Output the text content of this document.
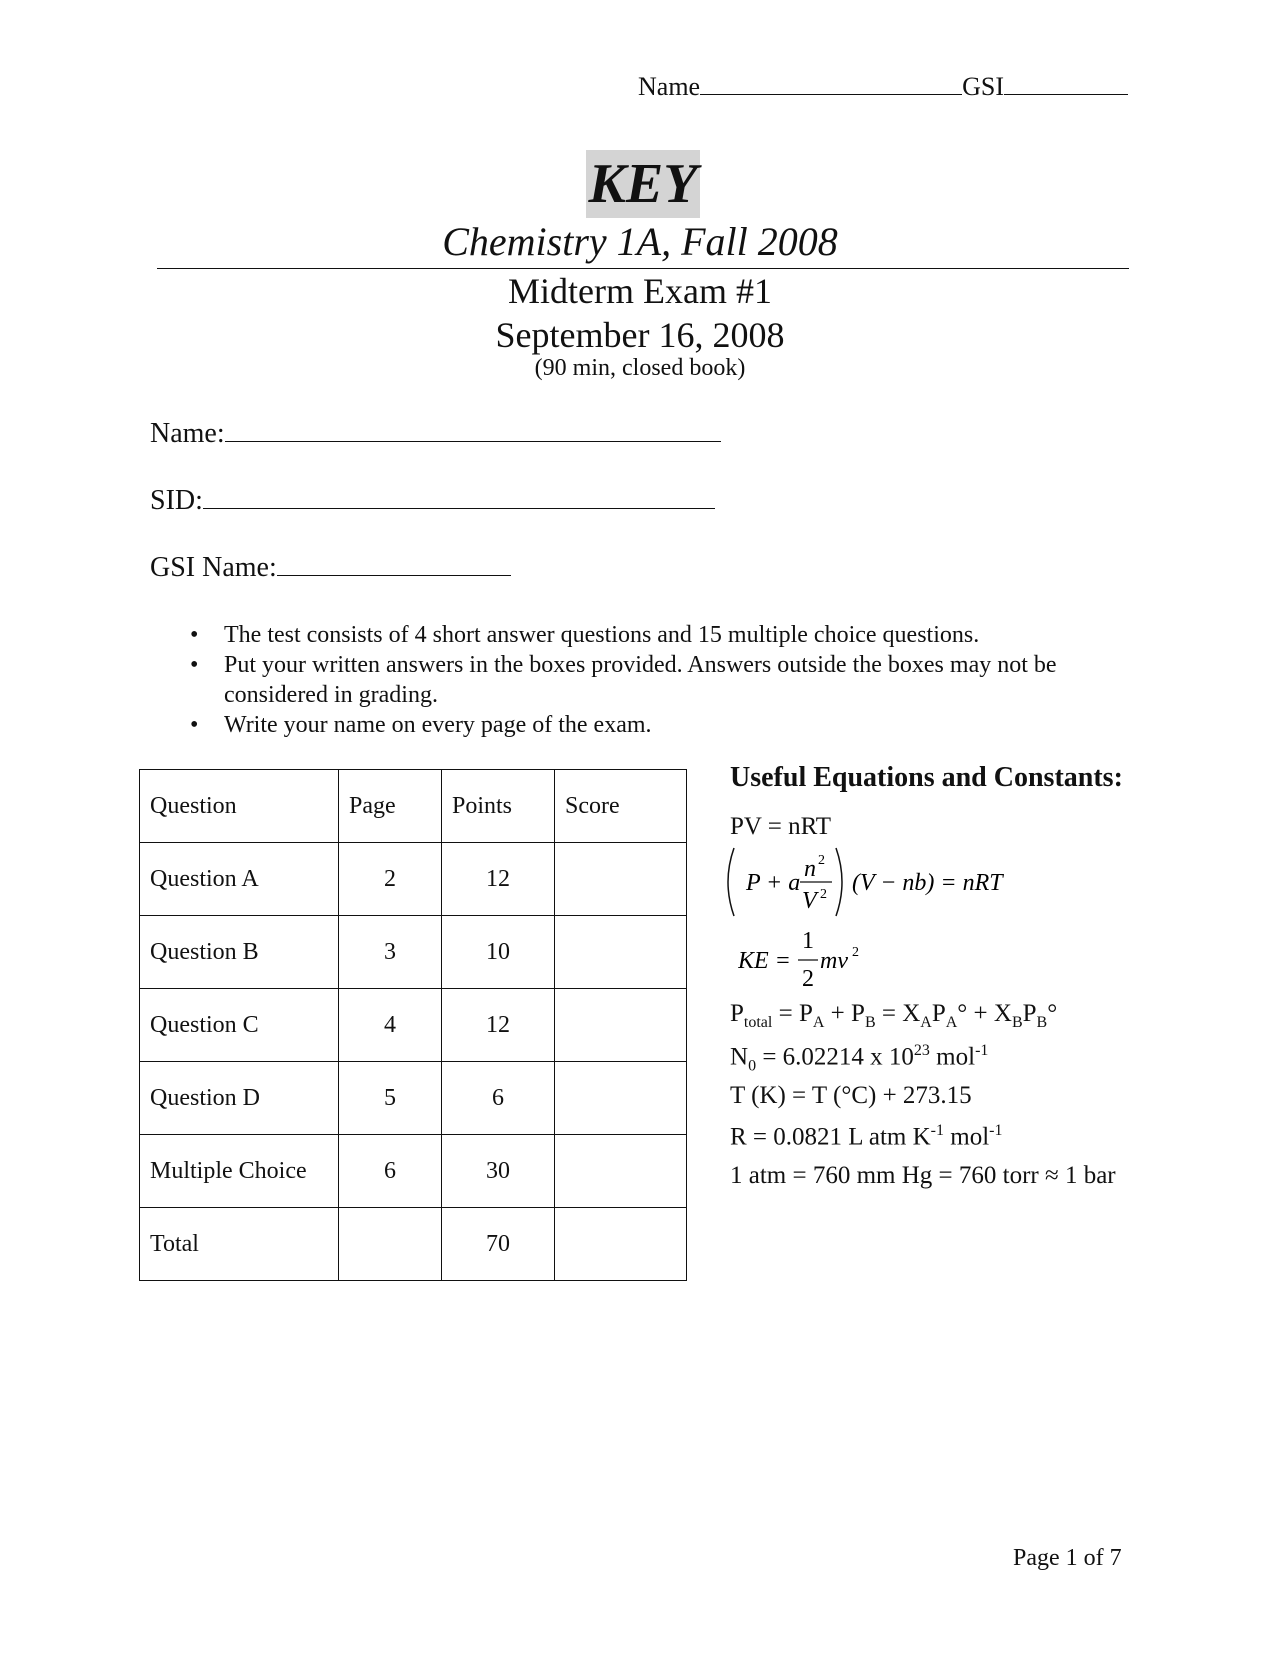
Name	GSI
KEY
Chemistry 1A, Fall 2008
Midterm Exam #1
September 16, 2008
(90 min, closed book)
Name:
SID:
GSI Name:
• The test consists of 4 short answer questions and 15 multiple choice questions.
• Put your written answers in the boxes provided. Answers outside the boxes may not be considered in grading.
• Write your name on every page of the exam.
Question	Page	Points	Score
Question A	2	12	
Question B	3	10	
Question C	4	12	
Question D	5	6	
Multiple Choice	6	30	
Total		70	
Useful Equations and Constants:
PV = nRT
P + a
n 2
V 2 (V − nb) = nRT
KE =
1
2
mv 2
$P_{total} = P_A + P_B = X_AP_A^\circ + X_BP_B^\circ$
$N_0 = 6.02214$ x $10^{23}$ mol$^{-1}$
T (K) = T (°C) + 273.15
R = 0.0821 L atm $K^{-1}$ mol$^{-1}$
1 atm = 760 mm Hg = 760 torr ≈ 1 bar
Page 1 of 7
